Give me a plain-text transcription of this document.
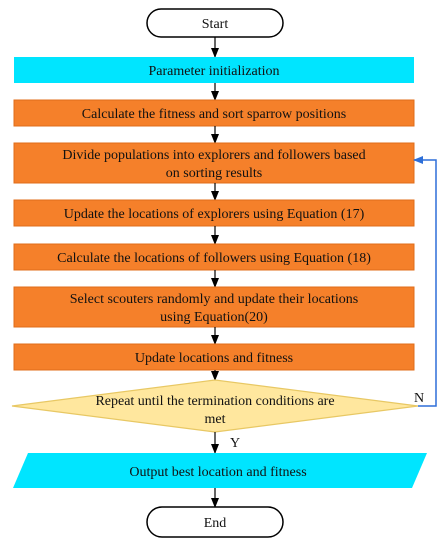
Start
Parameter initialization
Calculate the fitness and sort sparrow positions
Divide populations into explorers and followers based
on sorting results
Update the locations of explorers using Equation (17)
Calculate the locations of followers using Equation (18)
Select scouters randomly and update their locations
using Equation(20)
Update locations and fitness
Repeat until the termination conditions are
met
N
Y
Output best location and fitness
End
